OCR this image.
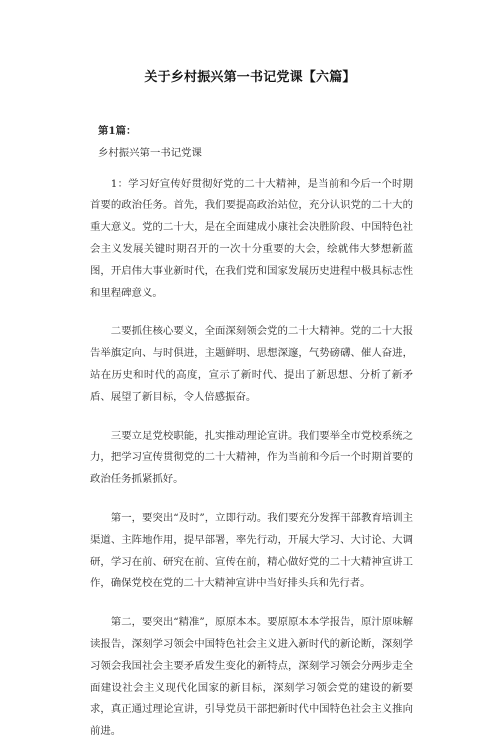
关于乡村振兴第一书记党课【六篇】

第1篇：

乡村振兴第一书记党课

1：学习好宣传好贯彻好党的二十大精神，是当前和今后一个时期首要的政治任务。首先，我们要提高政治站位，充分认识党的二十大的重大意义。党的二十大，是在全面建成小康社会决胜阶段、中国特色社会主义发展关键时期召开的一次十分重要的大会，绘就伟大梦想新蓝图，开启伟大事业新时代，在我们党和国家发展历史进程中极具标志性和里程碑意义。

二要抓住核心要义，全面深刻领会党的二十大精神。党的二十大报告举旗定向、与时俱进，主题鲜明、思想深邃，气势磅礴、催人奋进，站在历史和时代的高度，宣示了新时代、提出了新思想、分析了新矛盾、展望了新目标，令人倍感振奋。

三要立足党校职能，扎实推动理论宣讲。我们要举全市党校系统之力，把学习宣传贯彻党的二十大精神，作为当前和今后一个时期首要的政治任务抓紧抓好。

第一，要突出“及时”，立即行动。我们要充分发挥干部教育培训主渠道、主阵地作用，提早部署，率先行动，开展大学习、大讨论、大调研，学习在前、研究在前、宣传在前，精心做好党的二十大精神宣讲工作，确保党校在党的二十大精神宣讲中当好排头兵和先行者。

第二，要突出“精准”，原原本本。要原原本本学报告，原汁原味解读报告，深刻学习领会中国特色社会主义进入新时代的新论断，深刻学习领会我国社会主要矛盾发生变化的新特点，深刻学习领会分两步走全面建设社会主义现代化国家的新目标，深刻学习领会党的建设的新要求，真正通过理论宣讲，引导党员干部把新时代中国特色社会主义推向前进。
